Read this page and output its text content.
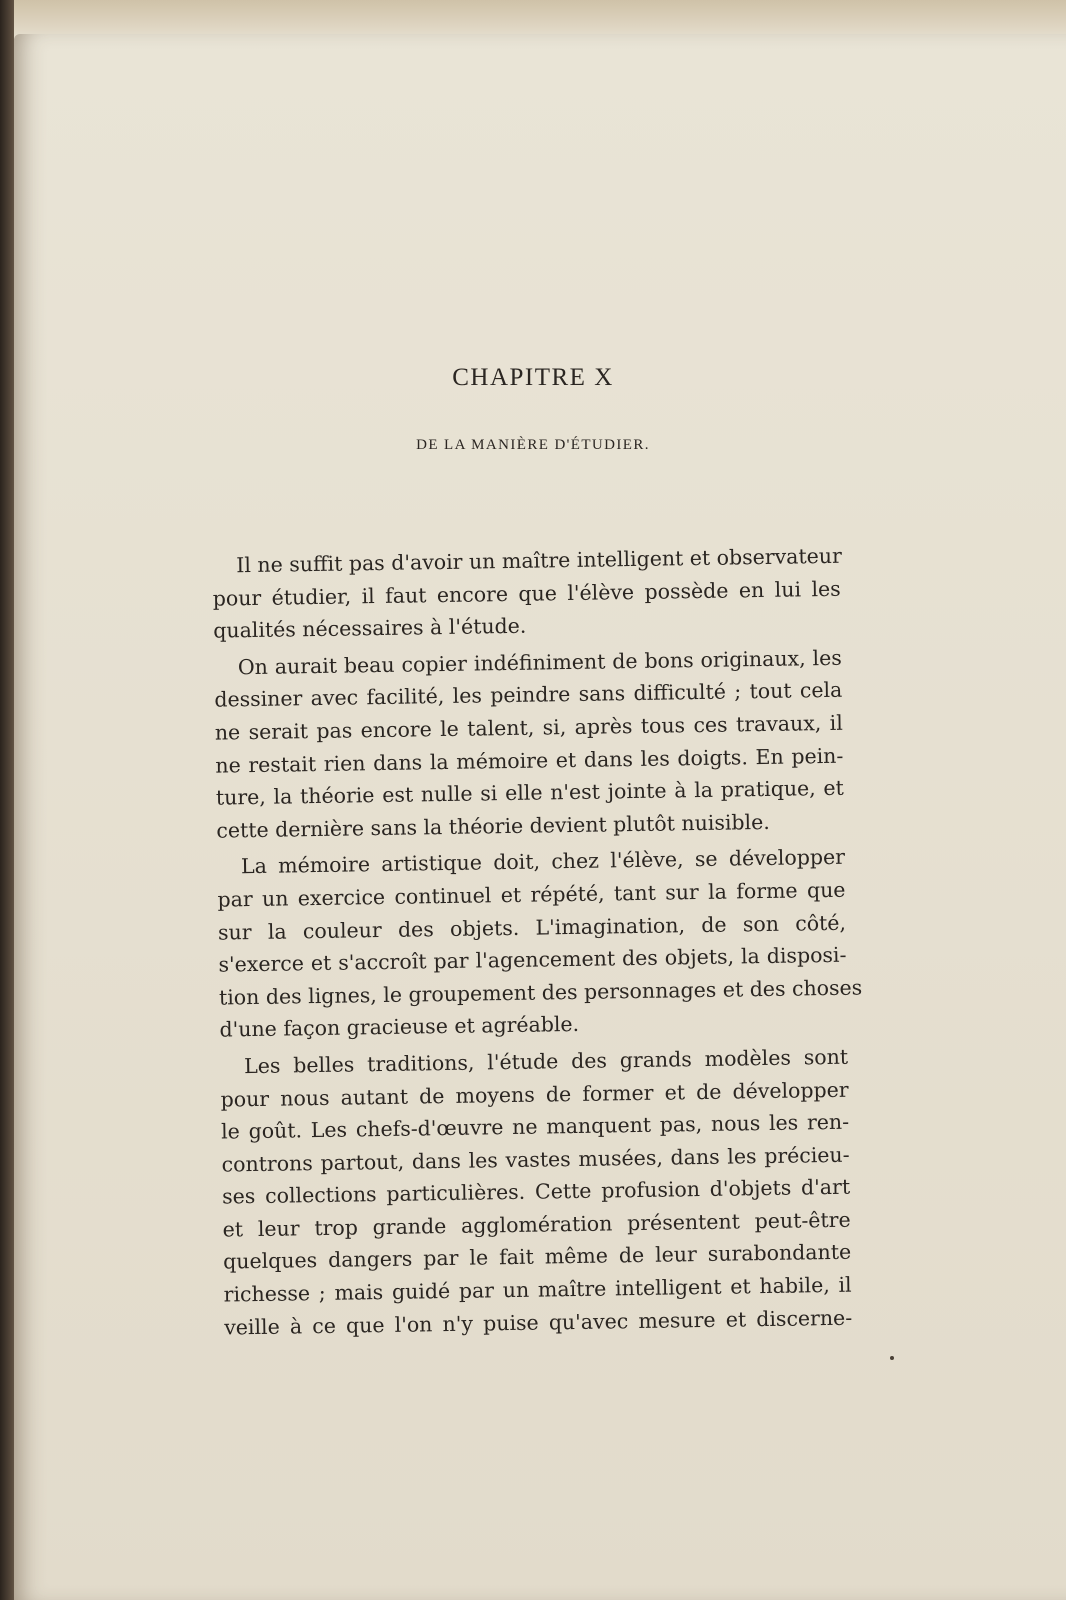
CHAPITRE X
DE LA MANIÈRE D'ÉTUDIER.
Il ne suffit pas d'avoir un maître intelligent et observateur
pour étudier, il faut encore que l'élève possède en lui les
qualités nécessaires à l'étude.
On aurait beau copier indéfiniment de bons originaux, les
dessiner avec facilité, les peindre sans difficulté ; tout cela
ne serait pas encore le talent, si, après tous ces travaux, il
ne restait rien dans la mémoire et dans les doigts. En pein-
ture, la théorie est nulle si elle n'est jointe à la pratique, et
cette dernière sans la théorie devient plutôt nuisible.
La mémoire artistique doit, chez l'élève, se développer
par un exercice continuel et répété, tant sur la forme que
sur la couleur des objets. L'imagination, de son côté,
s'exerce et s'accroît par l'agencement des objets, la disposi-
tion des lignes, le groupement des personnages et des choses
d'une façon gracieuse et agréable.
Les belles traditions, l'étude des grands modèles sont
pour nous autant de moyens de former et de développer
le goût. Les chefs-d'œuvre ne manquent pas, nous les ren-
controns partout, dans les vastes musées, dans les précieu-
ses collections particulières. Cette profusion d'objets d'art
et leur trop grande agglomération présentent peut-être
quelques dangers par le fait même de leur surabondante
richesse ; mais guidé par un maître intelligent et habile, il
veille à ce que l'on n'y puise qu'avec mesure et discerne-
